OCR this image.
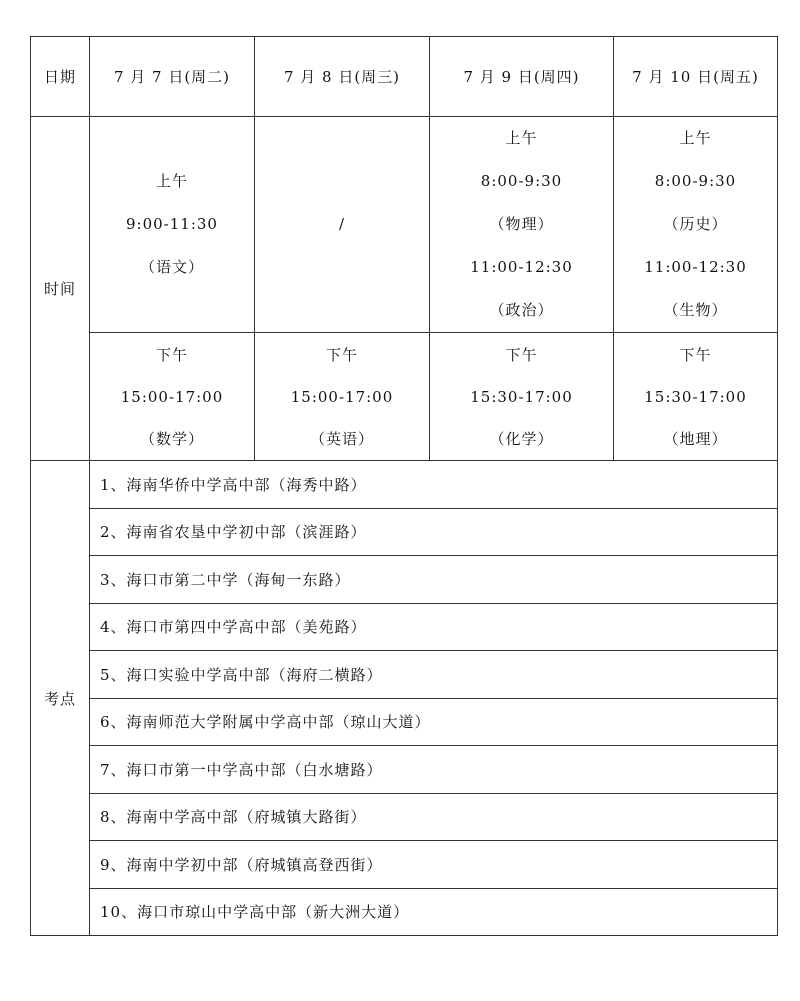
日期	7 月 7 日(周二)	7 月 8 日(周三)	7 月 9 日(周四)	7 月 10 日(周五)
时间	上午
9:00-11:30
（语文）	/	上午
8:00-9:30
（物理）
11:00-12:30
（政治）	上午
8:00-9:30
（历史）
11:00-12:30
（生物）

	下午
15:00-17:00
（数学）	下午
15:00-17:00
（英语）	下午
15:30-17:00
（化学）	下午
15:30-17:00
（地理）

考点	1、海南华侨中学高中部（海秀中路）			
	2、海南省农垦中学初中部（滨涯路）			
	3、海口市第二中学（海甸一东路）			
	4、海口市第四中学高中部（美苑路）			
	5、海口实验中学高中部（海府二横路）			
	6、海南师范大学附属中学高中部（琼山大道）			
	7、海口市第一中学高中部（白水塘路）			
	8、海南中学高中部（府城镇大路街）			
	9、海南中学初中部（府城镇高登西街）			
	10、海口市琼山中学高中部（新大洲大道）			
